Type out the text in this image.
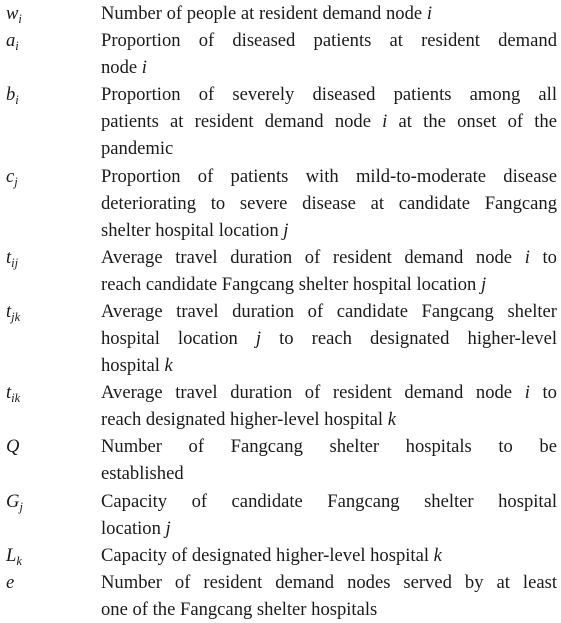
$w_i$	Number of people at resident demand node i
$a_i$	Proportion of diseased patients at resident demand
node i
$b_i$	Proportion of severely diseased patients among all
patients at resident demand node i at the onset of the
pandemic
$c_j$	Proportion of patients with mild-to-moderate disease
deteriorating to severe disease at candidate Fangcang
shelter hospital location j
$t_{ij}$	Average travel duration of resident demand node i to
reach candidate Fangcang shelter hospital location j
$t_{jk}$	Average travel duration of candidate Fangcang shelter
hospital location j to reach designated higher-level
hospital k
$t_{ik}$	Average travel duration of resident demand node i to
reach designated higher-level hospital k
Q	Number of Fangcang shelter hospitals to be
established
$G_j$	Capacity of candidate Fangcang shelter hospital
location j
$L_k$	Capacity of designated higher-level hospital k
e	Number of resident demand nodes served by at least
one of the Fangcang shelter hospitals
